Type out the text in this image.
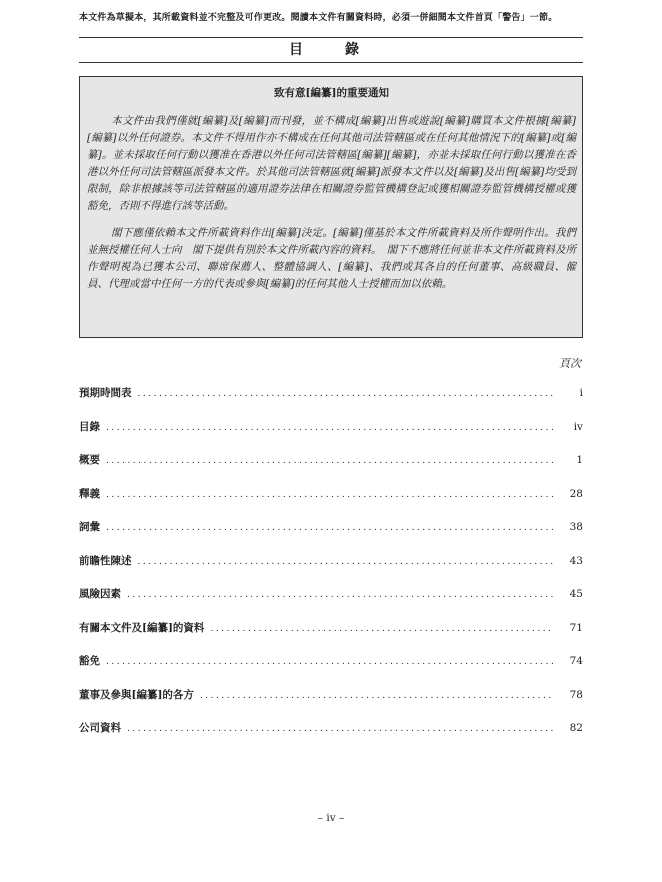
本文件為草擬本，其所載資料並不完整及可作更改。閱讀本文件有關資料時，必須一併細閱本文件首頁「警告」一節。
目　錄
致有意[編纂]的重要通知

本文件由我們僅就[編纂]及[編纂]而刊發，並不構成[編纂]出售或遊說[編纂]購買本文件根據[編纂][編纂]以外任何證券。本文件不得用作亦不構成在任何其他司法管轄區或在任何其他情況下的[編纂]或[編纂]。並未採取任何行動以獲准在香港以外任何司法管轄區[編纂][編纂]，亦並未採取任何行動以獲准在香港以外任何司法管轄區派發本文件。於其他司法管轄區就[編纂]派發本文件以及[編纂]及出售[編纂]均受到限制，除非根據該等司法管轄區的適用證券法律在相關證券監管機構登記或獲相關證券監管機構授權或獲豁免，否則不得進行該等活動。

閣下應僅依賴本文件所載資料作出[編纂]決定。[編纂]僅基於本文件所載資料及所作聲明作出。我們並無授權任何人士向　閣下提供有別於本文件所載內容的資料。　閣下不應將任何並非本文件所載資料及所作聲明視為已獲本公司、聯席保薦人、整體協調人、[編纂]、我們或其各自的任何董事、高級職員、僱員、代理或當中任何一方的代表或參與[編纂]的任何其他人士授權而加以依賴。

頁次
預期時間表 .....	i
目錄 .....	iv
概要 .....	1
釋義 .....	28
詞彙 .....	38
前瞻性陳述 .....	43
風險因素 .....	45
有關本文件及[編纂]的資料 .....	71
豁免 .....	74
董事及參與[編纂]的各方 .....	78
公司資料 .....	82
– iv –
